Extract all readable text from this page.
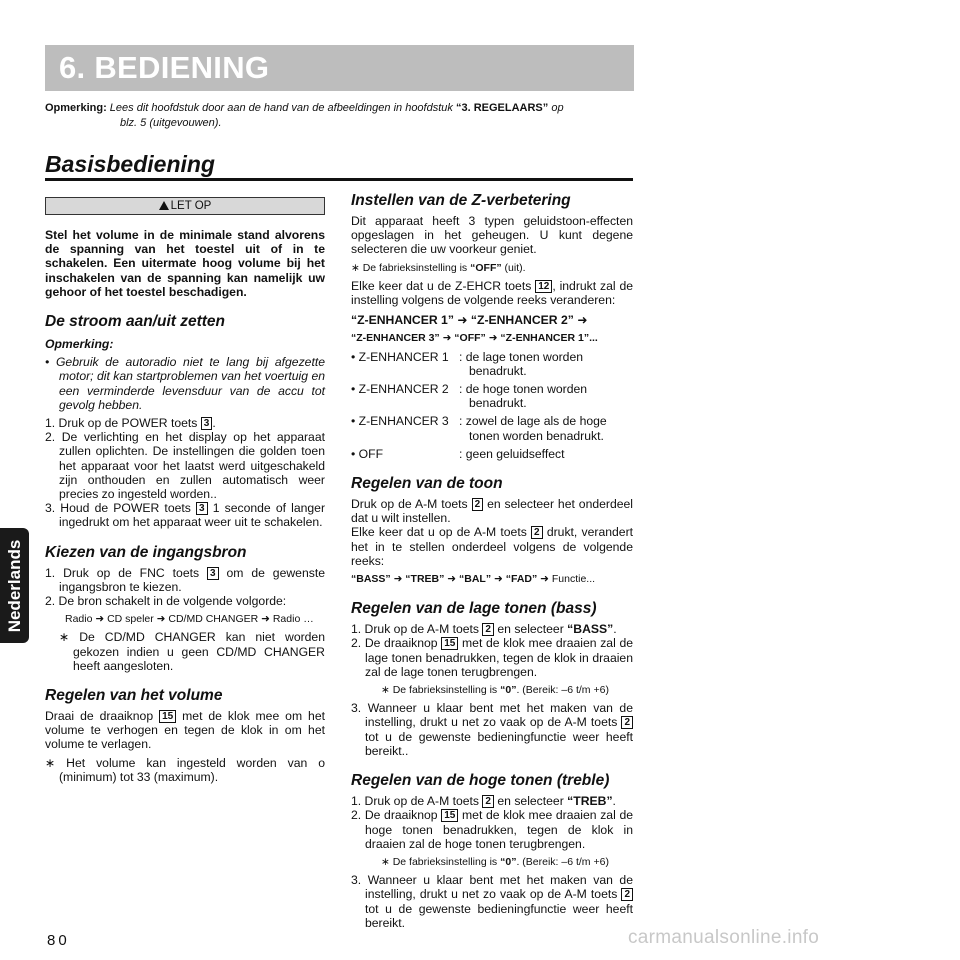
6. BEDIENING
Opmerking: Lees dit hoofdstuk door aan de hand van de afbeeldingen in hoofdstuk “3. REGELAARS” op
blz. 5 (uitgevouwen).
Basisbediening
LET OP
Stel het volume in de minimale stand alvorens de spanning van het toestel uit of in te schakelen. Een uitermate hoog volume bij het inschakelen van de spanning kan namelijk uw gehoor of het toestel beschadigen.
De stroom aan/uit zetten
Opmerking:
• Gebruik de autoradio niet te lang bij afgezette motor; dit kan startproblemen van het voertuig en een verminderde levensduur van de accu tot gevolg hebben.
1. Druk op de POWER toets 3 .
2. De verlichting en het display op het apparaat zullen oplichten. De instellingen die golden toen het apparaat voor het laatst werd uitgeschakeld zijn onthouden en zullen automatisch weer precies zo ingesteld worden..
3. Houd de POWER toets 3 1 seconde of langer ingedrukt om het apparaat weer uit te schakelen.
Kiezen van de ingangsbron
1. Druk op de FNC toets 3 om de gewenste ingangsbron te kiezen.
2. De bron schakelt in de volgende volgorde:
Radio ➜ CD speler ➜ CD/MD CHANGER ➜ Radio …
∗ De CD/MD CHANGER kan niet worden gekozen indien u geen CD/MD CHANGER heeft aangesloten.
Regelen van het volume
Draai de draaiknop 15 met de klok mee om het volume te verhogen en tegen de klok in om het volume te verlagen.
∗ Het volume kan ingesteld worden van o (minimum) tot 33 (maximum).
Instellen van de Z-verbetering
Dit apparaat heeft 3 typen geluidstoon-effecten opgeslagen in het geheugen. U kunt degene selecteren die uw voorkeur geniet.
∗ De fabrieksinstelling is “OFF” (uit).
Elke keer dat u de Z-EHCR toets 12 , indrukt zal de instelling volgens de volgende reeks veranderen:
“Z-ENHANCER 1” ➜ “Z-ENHANCER 2” ➜
“Z-ENHANCER 3” ➜ “OFF” ➜ “Z-ENHANCER 1”...
• Z-ENHANCER 1 : de lage tonen worden benadrukt.
• Z-ENHANCER 2 : de hoge tonen worden benadrukt.
• Z-ENHANCER 3 : zowel de lage als de hoge tonen worden benadrukt.
• OFF	: geen geluidseffect
Regelen van de toon
Druk op de A-M toets 2 en selecteer het onderdeel dat u wilt instellen.
Elke keer dat u op de A-M toets 2 drukt, verandert het in te stellen onderdeel volgens de volgende reeks:
“BASS” ➜ “TREB” ➜ “BAL” ➜ “FAD” ➜ Functie...
Regelen van de lage tonen (bass)
1. Druk op de A-M toets 2 en selecteer “BASS”.
2. De draaiknop 15 met de klok mee draaien zal de lage tonen benadrukken, tegen de klok in draaien zal de lage tonen terugbrengen.
∗ De fabrieksinstelling is “0”. (Bereik: –6 t/m +6)
3. Wanneer u klaar bent met het maken van de instelling, drukt u net zo vaak op de A-M toets 2 tot u de gewenste bedieningfunctie weer heeft bereikt..
Regelen van de hoge tonen (treble)
1. Druk op de A-M toets 2 en selecteer “TREB”.
2. De draaiknop 15 met de klok mee draaien zal de hoge tonen benadrukken, tegen de klok in draaien zal de hoge tonen terugbrengen.
∗ De fabrieksinstelling is “0”. (Bereik: –6 t/m +6)
3. Wanneer u klaar bent met het maken van de instelling, drukt u net zo vaak op de A-M toets 2 tot u de gewenste bedieningfunctie weer heeft bereikt.
Nederlands
80	carmanualsonline.info
